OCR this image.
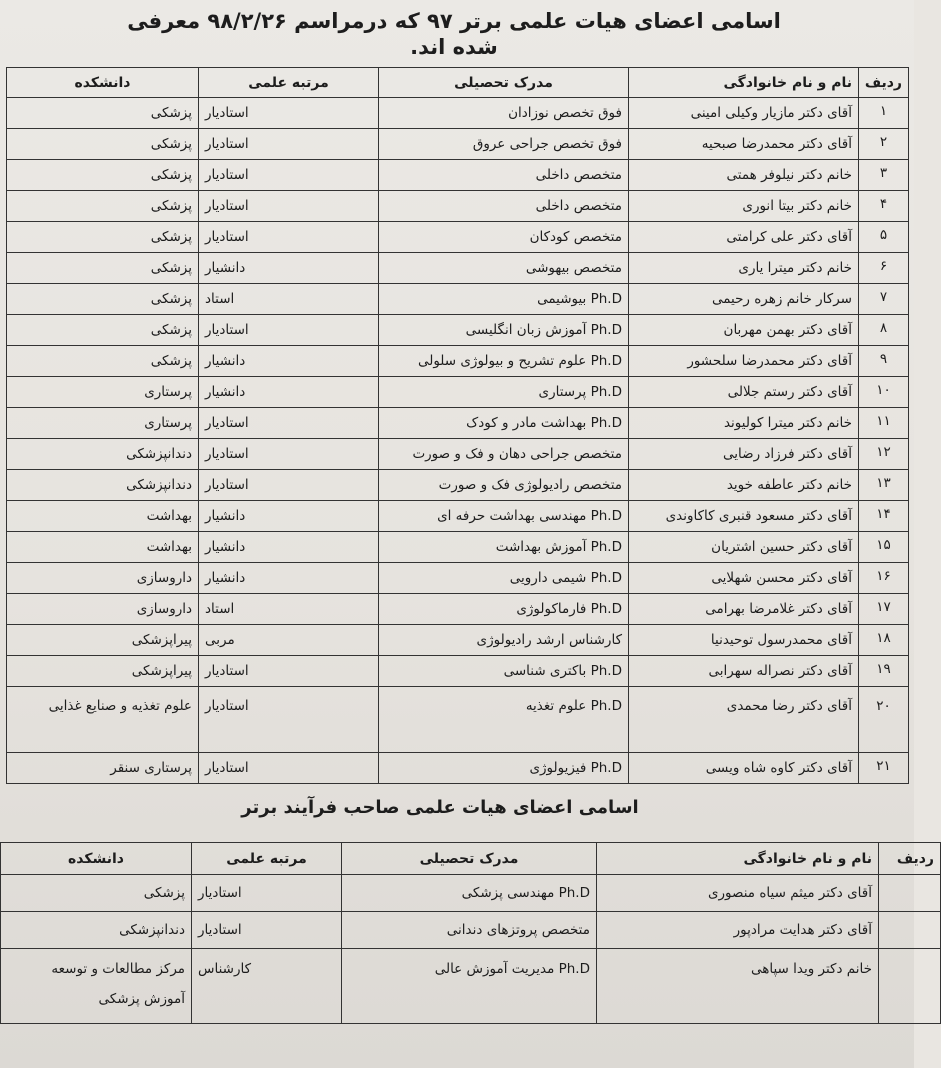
اسامی اعضای هیات علمی برتر ۹۷ که درمراسم ۹۸/۲/۲۶ معرفی شده اند.
ردیف	نام و نام خانوادگی	مدرک تحصیلی	مرتبه علمی	دانشکده
۱	آقای دکتر مازیار وکیلی امینی	فوق تخصص نوزادان	استادیار	پزشکی
۲	آقای دکتر محمدرضا صبحیه	فوق تخصص جراحی عروق	استادیار	پزشکی
۳	خانم دکتر نیلوفر همتی	متخصص داخلی	استادیار	پزشکی
۴	خانم دکتر بیتا انوری	متخصص داخلی	استادیار	پزشکی
۵	آقای دکتر علی کرامتی	متخصص کودکان	استادیار	پزشکی
۶	خانم دکتر میترا یاری	متخصص بیهوشی	دانشیار	پزشکی
۷	سرکار خانم زهره رحیمی	Ph.D بیوشیمی	استاد	پزشکی
۸	آقای دکتر بهمن مهربان	Ph.D آموزش زبان انگلیسی	استادیار	پزشکی
۹	آقای دکتر محمدرضا سلحشور	Ph.D علوم تشریح و بیولوژی سلولی	دانشیار	پزشکی
۱۰	آقای دکتر رستم جلالی	Ph.D پرستاری	دانشیار	پرستاری
۱۱	خانم دکتر میترا کولیوند	Ph.D بهداشت مادر و کودک	استادیار	پرستاری
۱۲	آقای دکتر فرزاد رضایی	متخصص جراحی دهان و فک و صورت	استادیار	دندانپزشکی
۱۳	خانم دکتر عاطفه خوید	متخصص رادیولوژی فک و صورت	استادیار	دندانپزشکی
۱۴	آقای دکتر مسعود قنبری کاکاوندی	Ph.D مهندسی بهداشت حرفه ای	دانشیار	بهداشت
۱۵	آقای دکتر حسین اشتریان	Ph.D آموزش بهداشت	دانشیار	بهداشت
۱۶	آقای دکتر محسن شهلایی	Ph.D شیمی دارویی	دانشیار	داروسازی
۱۷	آقای دکتر غلامرضا بهرامی	Ph.D فارماکولوژی	استاد	داروسازی
۱۸	آقای محمدرسول توحیدنیا	کارشناس ارشد رادیولوژی	مربی	پیراپزشکی
۱۹	آقای دکتر نصراله سهرابی	Ph.D باکتری شناسی	استادیار	پیراپزشکی
۲۰	آقای دکتر رضا محمدی	Ph.D علوم تغذیه	استادیار	علوم تغذیه و صنایع غذایی
۲۱	آقای دکتر کاوه شاه ویسی	Ph.D فیزیولوژی	استادیار	پرستاری سنقر
اسامی اعضای هیات علمی صاحب فرآیند برتر
ردیف	نام و نام خانوادگی	مدرک تحصیلی	مرتبه علمی	دانشکده
	آقای دکتر میثم سیاه منصوری	Ph.D مهندسی پزشکی	استادیار	پزشکی
	آقای دکتر هدایت مرادپور	متخصص پروتزهای دندانی	استادیار	دندانپزشکی
	خانم دکتر ویدا سپاهی	Ph.D مدیریت آموزش عالی	کارشناس	مرکز مطالعات و توسعه آموزش پزشکی
